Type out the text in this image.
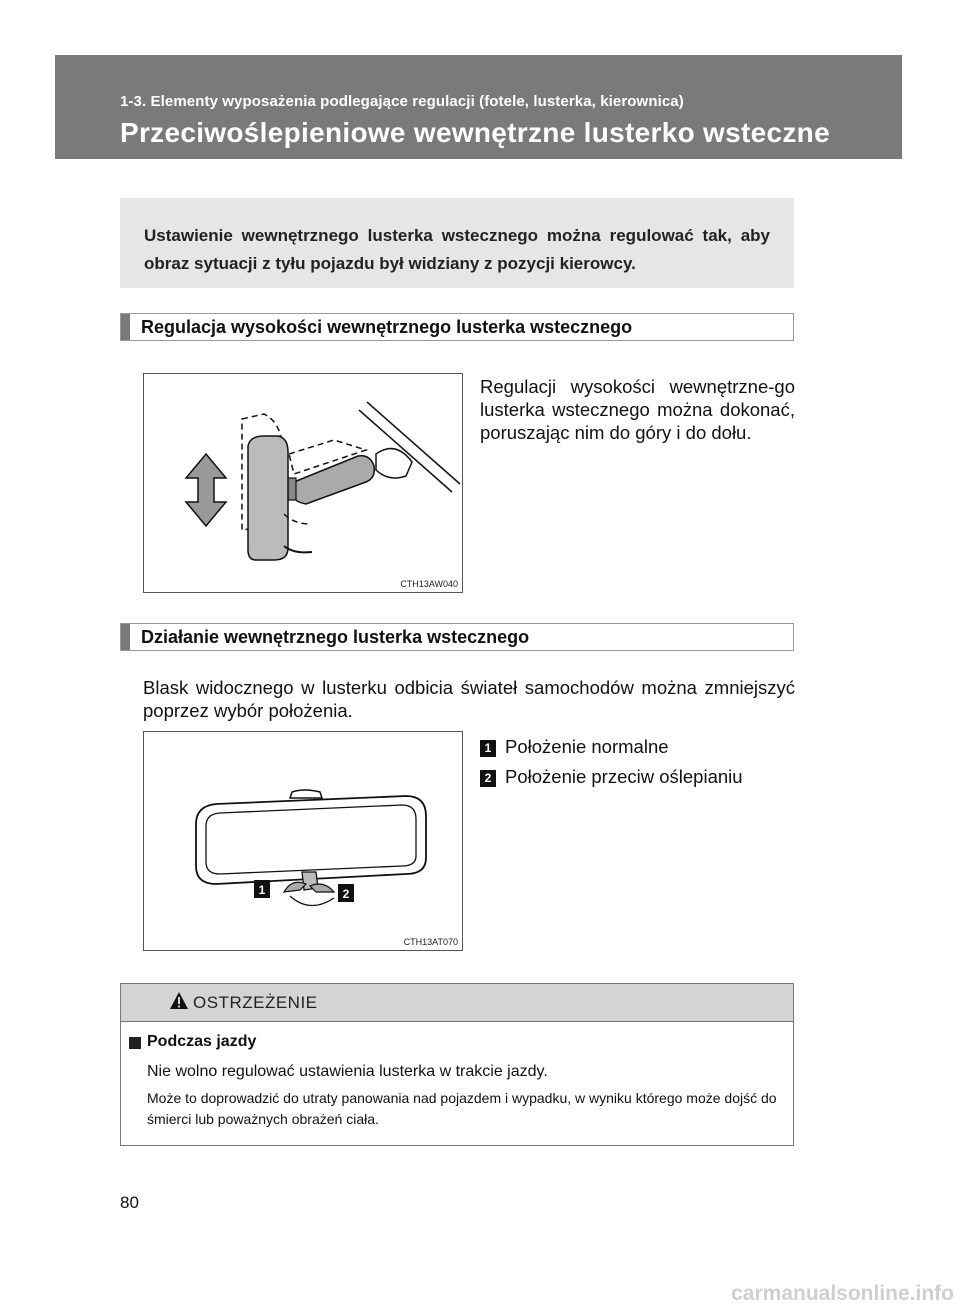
1-3. Elementy wyposażenia podlegające regulacji (fotele, lusterka, kierownica)
Przeciwoślepieniowe wewnętrzne lusterko wsteczne
Ustawienie wewnętrznego lusterka wstecznego można regulować tak, aby obraz sytuacji z tyłu pojazdu był widziany z pozycji kierowcy.
Regulacja wysokości wewnętrznego lusterka wstecznego
CTH13AW040
Regulacji wysokości wewnętrzne-go lusterka wstecznego można dokonać, poruszając nim do góry i do dołu.
Działanie wewnętrznego lusterka wstecznego
Blask widocznego w lusterku odbicia świateł samochodów można zmniejszyć poprzez wybór położenia.
1	2
CTH13AT070
1 Położenie normalne
2 Położenie przeciw oślepianiu
OSTRZEŻENIE
Podczas jazdy
Nie wolno regulować ustawienia lusterka w trakcie jazdy.
Może to doprowadzić do utraty panowania nad pojazdem i wypadku, w wyniku którego może dojść do śmierci lub poważnych obrażeń ciała.
80
carmanualsonline.info
